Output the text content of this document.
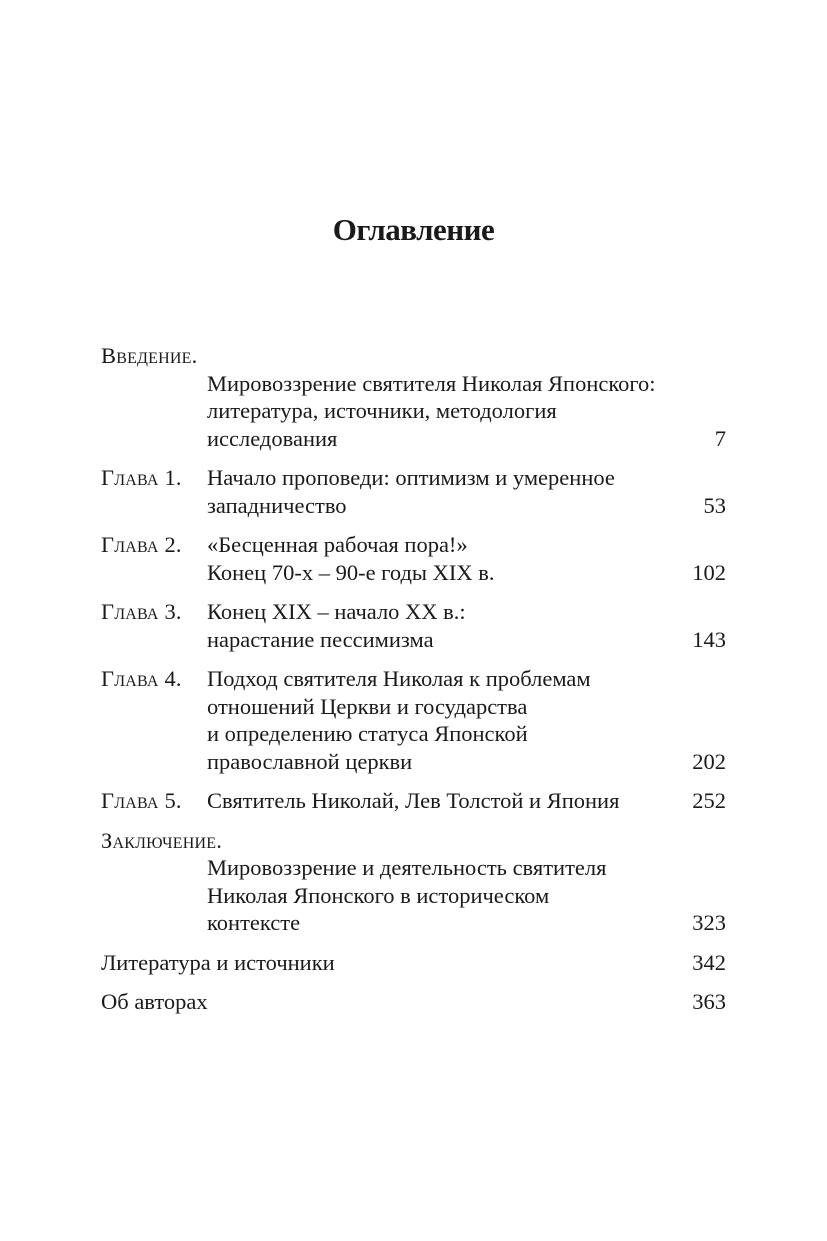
Оглавление
Введение.
Мировоззрение святителя Николая Японского:
литература, источники, методология
исследования	7
Глава 1.	Начало проповеди: оптимизм и умеренное
западничество	53
Глава 2.	«Бесценная рабочая пора!»
Конец 70-х – 90-е годы XIX в.	102
Глава 3.	Конец XIX – начало XX в.:
нарастание пессимизма	143
Глава 4.	Подход святителя Николая к проблемам
отношений Церкви и государства
и определению статуса Японской
православной церкви	202
Глава 5.	Святитель Николай, Лев Толстой и Япония	252
Заключение.
Мировоззрение и деятельность святителя
Николая Японского в историческом
контексте	323
Литература и источники	342
Об авторах	363
